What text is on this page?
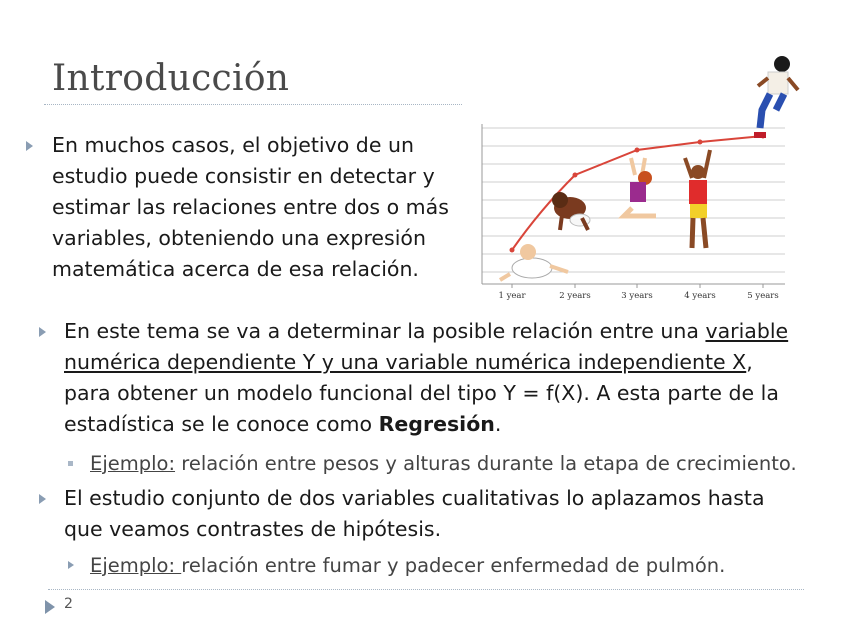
Introducción
En muchos casos, el objetivo de un
estudio puede consistir en detectar y
estimar las relaciones entre dos o más
variables, obteniendo una expresión
matemática acerca de esa relación.
1 year	2 years	3 years	4 years	5 years
En este tema se va a determinar la posible relación entre una variable
numérica dependiente Y y una variable numérica independiente X,
para obtener un modelo funcional del tipo Y = f(X). A esta parte de la
estadística se le conoce como Regresión.
Ejemplo: relación entre pesos y alturas durante la etapa de crecimiento.
El estudio conjunto de dos variables cualitativas lo aplazamos hasta
que veamos contrastes de hipótesis.
Ejemplo: relación entre fumar y padecer enfermedad de pulmón.
2
